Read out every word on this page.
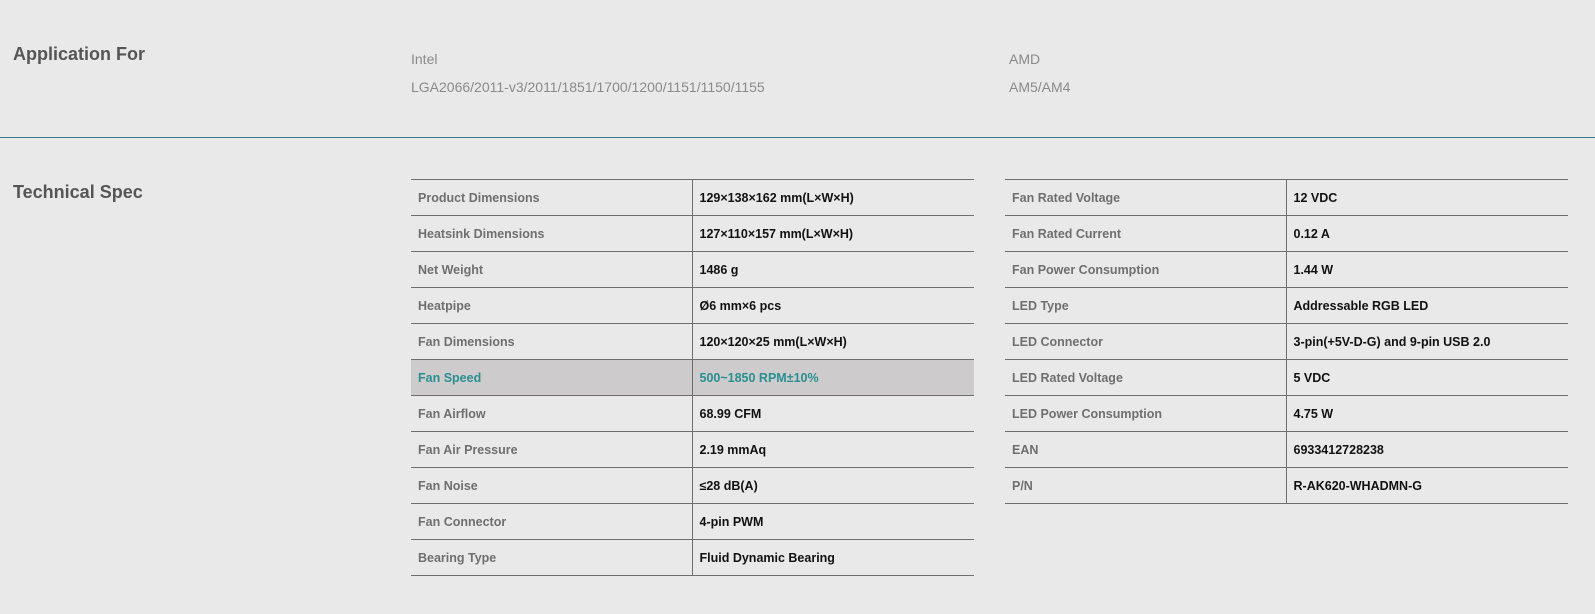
Application For	Intel
LGA2066/2011-v3/2011/1851/1700/1200/1151/1150/1155
AMD
AM5/AM4
Technical Spec	Product Dimensions	129×138×162 mm(L×W×H)
Heatsink Dimensions	127×110×157 mm(L×W×H)
Net Weight	1486 g
Heatpipe	Ø6 mm×6 pcs
Fan Dimensions	120×120×25 mm(L×W×H)
Fan Speed	500~1850 RPM±10%
Fan Airflow	68.99 CFM
Fan Air Pressure	2.19 mmAq
Fan Noise	≤28 dB(A)
Fan Connector	4-pin PWM
Bearing Type	Fluid Dynamic Bearing
Fan Rated Voltage	12 VDC
Fan Rated Current	0.12 A
Fan Power Consumption	1.44 W
LED Type	Addressable RGB LED
LED Connector	3-pin(+5V-D-G) and 9-pin USB 2.0
LED Rated Voltage	5 VDC
LED Power Consumption	4.75 W
EAN	6933412728238
P/N	R-AK620-WHADMN-G
